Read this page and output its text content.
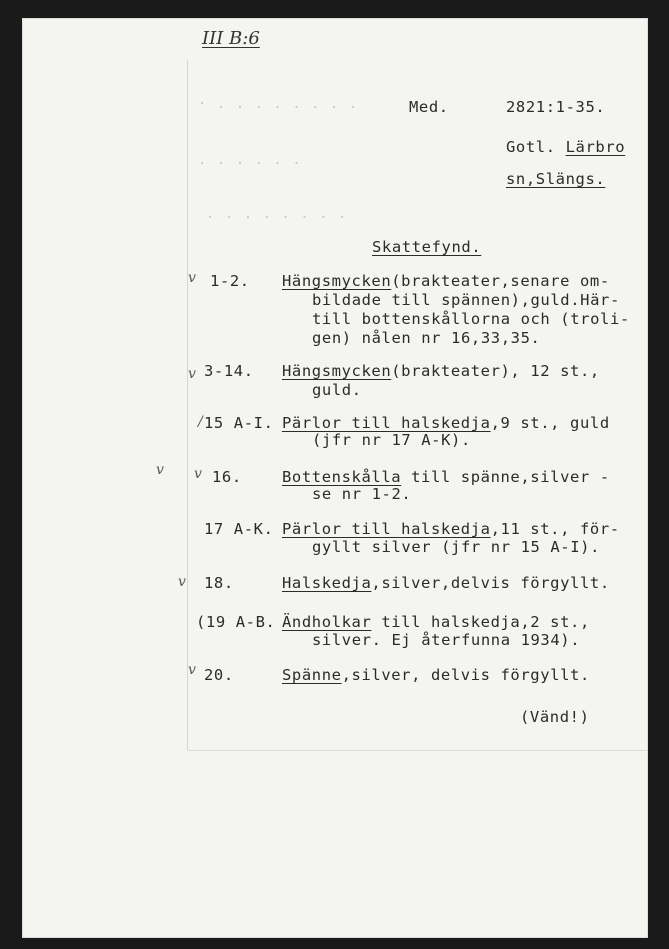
· . . . . . . . .
. . . . . .
. . . . . . . .
III B:6
Med.	2821:1-35.
Gotl. Lärbro
sn,Slängs.
Skattefynd.
v
v
/
v
v
v
v
1-2. Hängsmycken(brakteater,senare om-
bildade till spännen),guld.Här-
till bottenskållorna och (troli-
gen) nålen nr 16,33,35.
3-14. Hängsmycken(brakteater), 12 st.,
guld.
15 A-I. Pärlor till halskedja,9 st., guld
(jfr nr 17 A-K).
16.	Bottenskålla till spänne,silver -
se nr 1-2.
17 A-K. Pärlor till halskedja,11 st., för-
gyllt silver (jfr nr 15 A-I).
18.	Halskedja,silver,delvis förgyllt.
(19 A-B. Ändholkar till halskedja,2 st.,
silver. Ej återfunna 1934).
20.	Spänne,silver, delvis förgyllt.
(Vänd!)
